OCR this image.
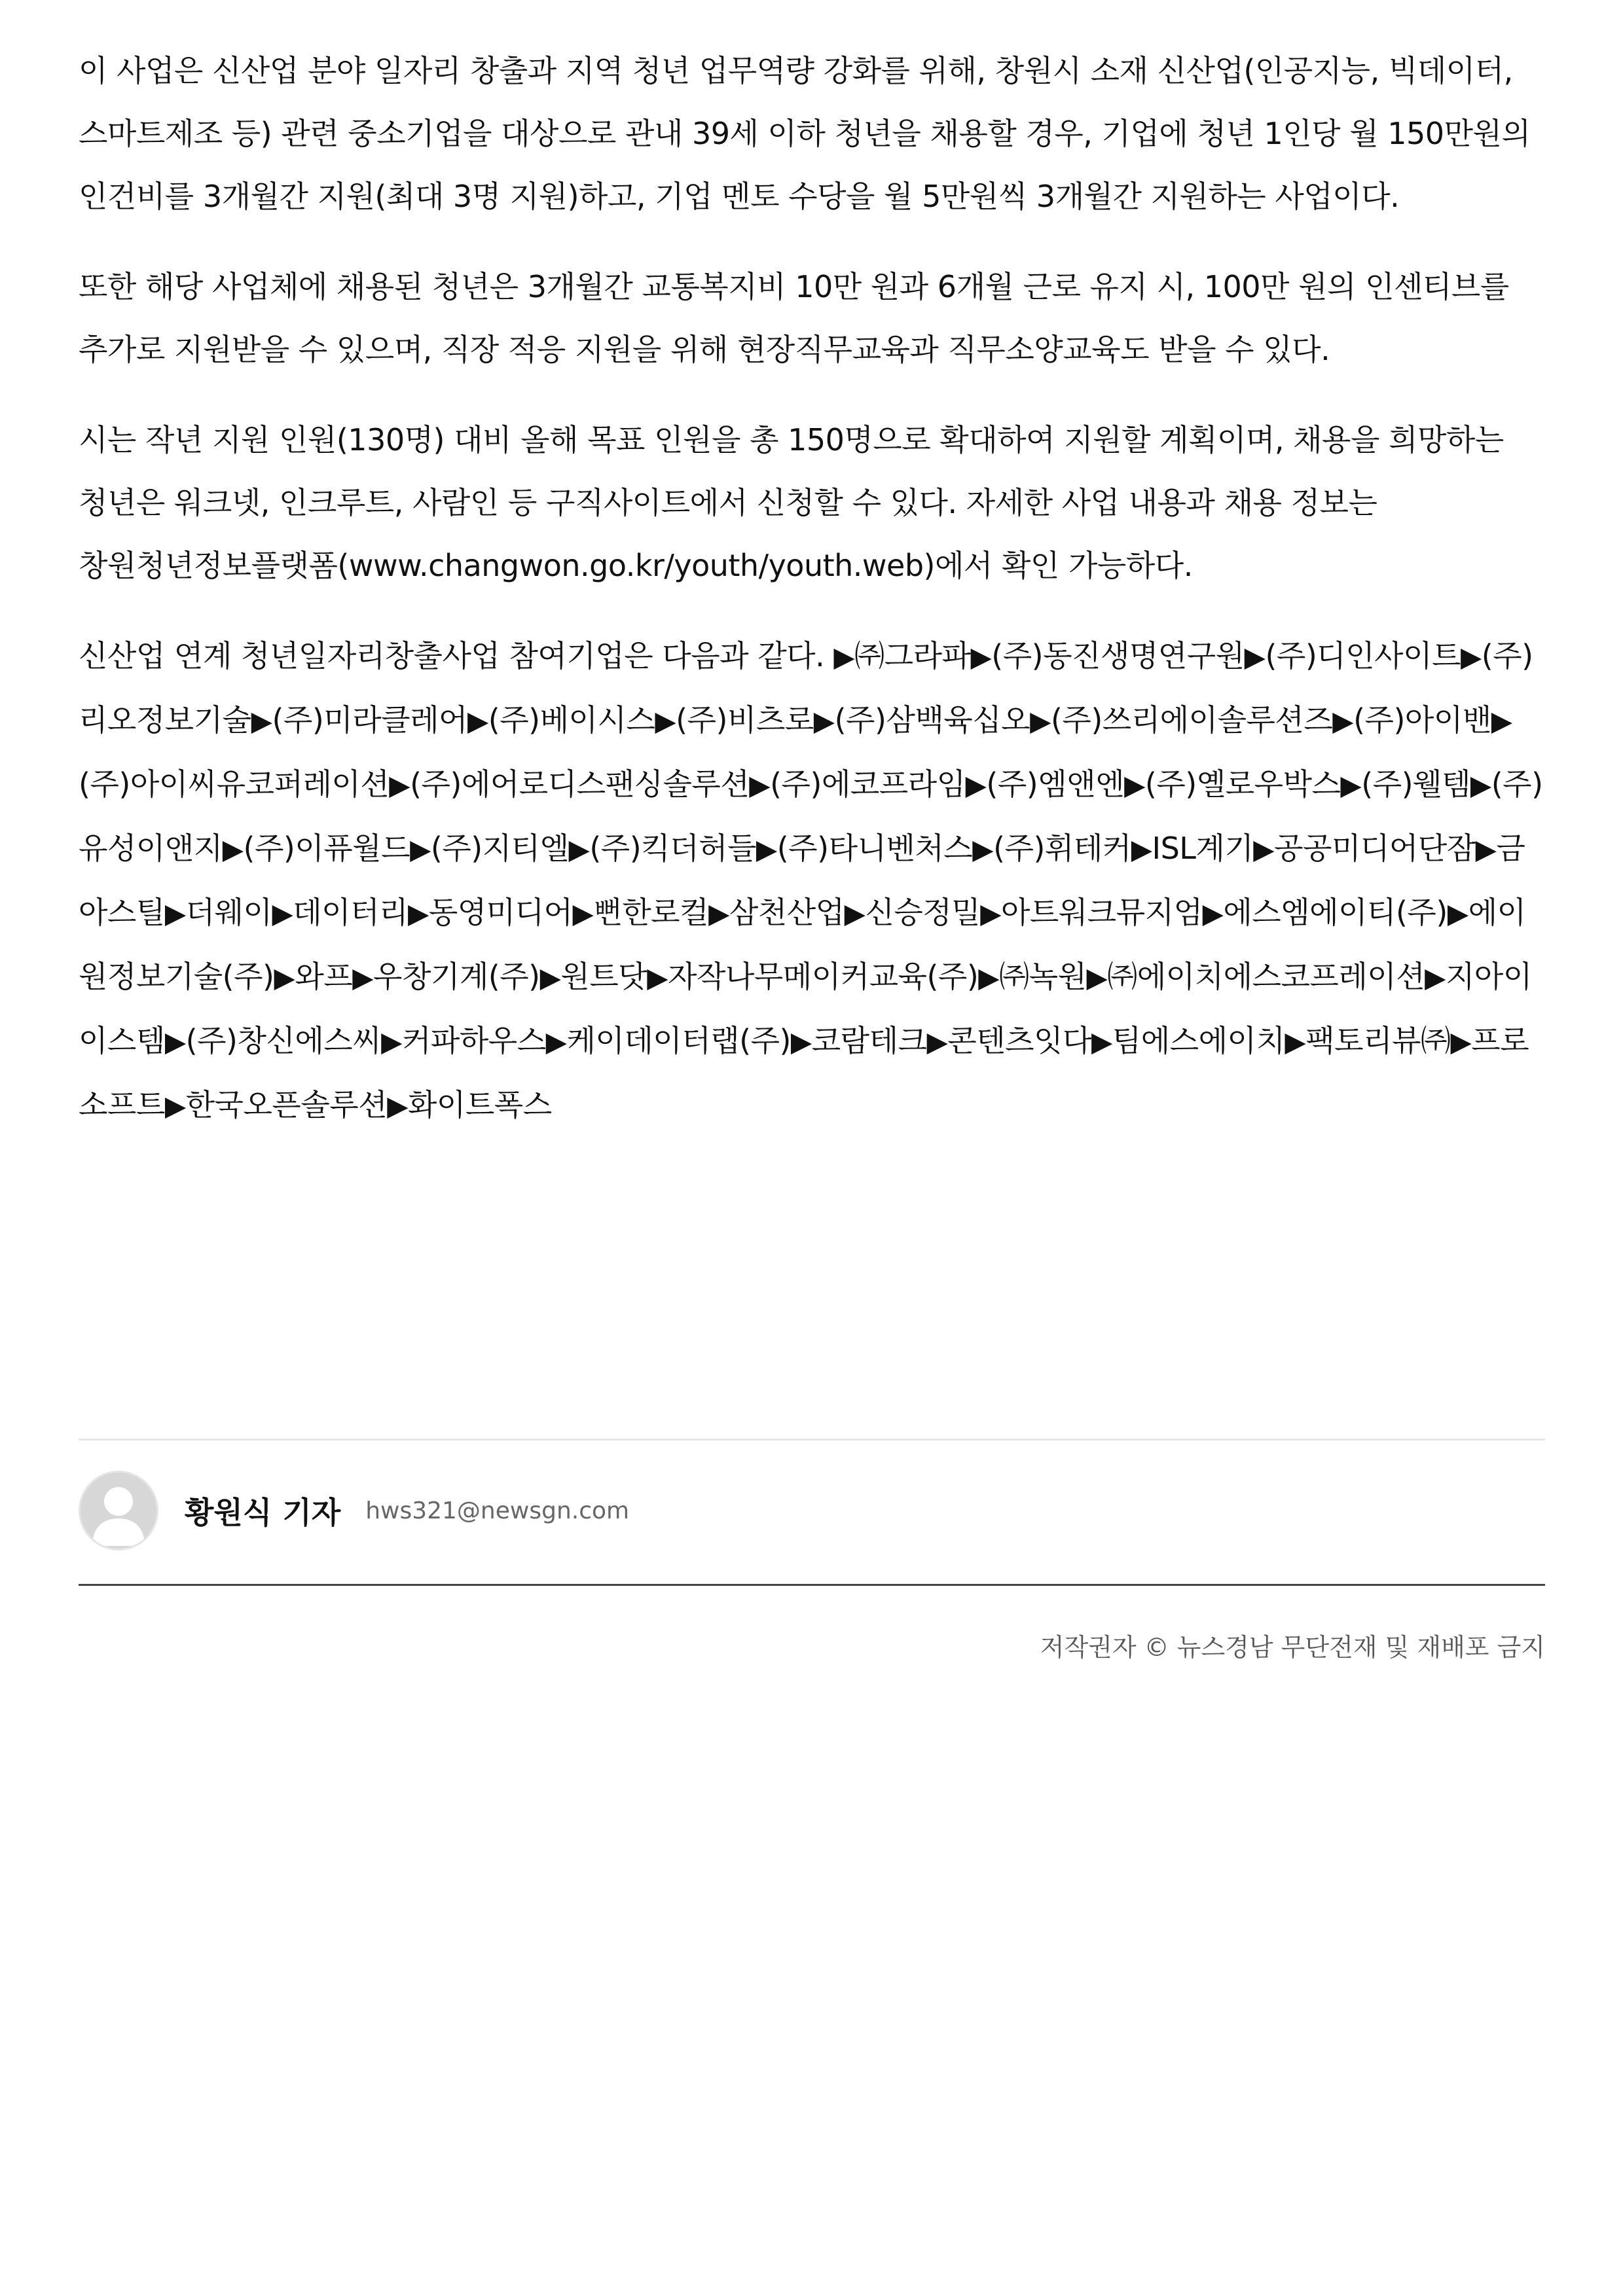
이 사업은 신산업 분야 일자리 창출과 지역 청년 업무역량 강화를 위해, 창원시 소재 신산업(인공지능, 빅데이터, 스마트제조 등) 관련 중소기업을 대상으로 관내 39세 이하 청년을 채용할 경우, 기업에 청년 1인당 월 150만원의 인건비를 3개월간 지원(최대 3명 지원)하고, 기업 멘토 수당을 월 5만원씩 3개월간 지원하는 사업이다.

또한 해당 사업체에 채용된 청년은 3개월간 교통복지비 10만 원과 6개월 근로 유지 시, 100만 원의 인센티브를 추가로 지원받을 수 있으며, 직장 적응 지원을 위해 현장직무교육과 직무소양교육도 받을 수 있다.

시는 작년 지원 인원(130명) 대비 올해 목표 인원을 총 150명으로 확대하여 지원할 계획이며, 채용을 희망하는 청년은 워크넷, 인크루트, 사람인 등 구직사이트에서 신청할 수 있다. 자세한 사업 내용과 채용 정보는 창원청년정보플랫폼(www.changwon.go.kr/youth/youth.web)에서 확인 가능하다.

신산업 연계 청년일자리창출사업 참여기업은 다음과 같다. ▶㈜그라파▶(주)동진생명연구원▶(주)디인사이트▶(주)리오정보기술▶(주)미라클레어▶(주)베이시스▶(주)비츠로▶(주)삼백육십오▶(주)쓰리에이솔루션즈▶(주)아이밴▶(주)아이씨유코퍼레이션▶(주)에어로디스팬싱솔루션▶(주)에코프라임▶(주)엠앤엔▶(주)옐로우박스▶(주)웰템▶(주)유성이앤지▶(주)이퓨월드▶(주)지티엘▶(주)킥더허들▶(주)타니벤처스▶(주)휘테커▶ISL계기▶공공미디어단잠▶금아스틸▶더웨이▶데이터리▶동영미디어▶뻔한로컬▶삼천산업▶신승정밀▶아트워크뮤지엄▶에스엠에이티(주)▶에이원정보기술(주)▶와프▶우창기계(주)▶원트닷▶자작나무메이커교육(주)▶㈜녹원▶㈜에이치에스코프레이션▶지아이이스템▶(주)창신에스씨▶커파하우스▶케이데이터랩(주)▶코람테크▶콘텐츠잇다▶팀에스에이치▶팩토리뷰㈜▶프로소프트▶한국오픈솔루션▶화이트폭스

황원식 기자 hws321@newsgn.com
저작권자 © 뉴스경남 무단전재 및 재배포 금지
